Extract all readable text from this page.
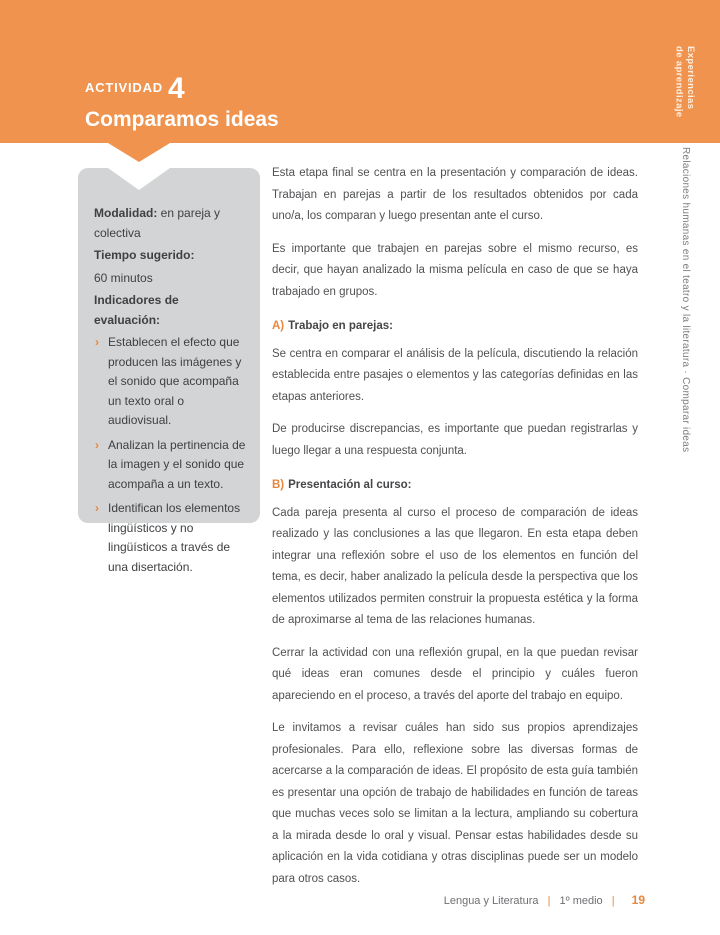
$^{ACTIVIDAD}$ 4
Comparamos ideas
Experiencias
de aprendizaje
Relaciones humanas en el teatro y la literatura · Comparar ideas

Modalidad: en pareja y colectiva

Tiempo sugerido:

60 minutos

Indicadores de evaluación:

› Establecen el efecto que producen las imágenes y el sonido que acompaña un texto oral o audiovisual.
› Analizan la pertinencia de la imagen y el sonido que acompaña a un texto.
› Identifican los elementos lingüísticos y no lingüísticos a través de una disertación.

Esta etapa final se centra en la presentación y comparación de ideas. Trabajan en parejas a partir de los resultados obtenidos por cada uno/a, los comparan y luego presentan ante el curso.

Es importante que trabajen en parejas sobre el mismo recurso, es decir, que hayan analizado la misma película en caso de que se haya trabajado en grupos.

A) Trabajo en parejas:

Se centra en comparar el análisis de la película, discutiendo la relación establecida entre pasajes o elementos y las categorías definidas en las etapas anteriores.

De producirse discrepancias, es importante que puedan registrarlas y luego llegar a una respuesta conjunta.

B) Presentación al curso:

Cada pareja presenta al curso el proceso de comparación de ideas realizado y las conclusiones a las que llegaron. En esta etapa deben integrar una reflexión sobre el uso de los elementos en función del tema, es decir, haber analizado la película desde la perspectiva que los elementos utilizados permiten construir la propuesta estética y la forma de aproximarse al tema de las relaciones humanas.

Cerrar la actividad con una reflexión grupal, en la que puedan revisar qué ideas eran comunes desde el principio y cuáles fueron apareciendo en el proceso, a través del aporte del trabajo en equipo.

Le invitamos a revisar cuáles han sido sus propios aprendizajes profesionales. Para ello, reflexione sobre las diversas formas de acercarse a la comparación de ideas. El propósito de esta guía también es presentar una opción de trabajo de habilidades en función de tareas que muchas veces solo se limitan a la lectura, ampliando su cobertura a la mirada desde lo oral y visual. Pensar estas habilidades desde su aplicación en la vida cotidiana y otras disciplinas puede ser un modelo para otros casos.

Lengua y Literatura | 1º medio | 19
